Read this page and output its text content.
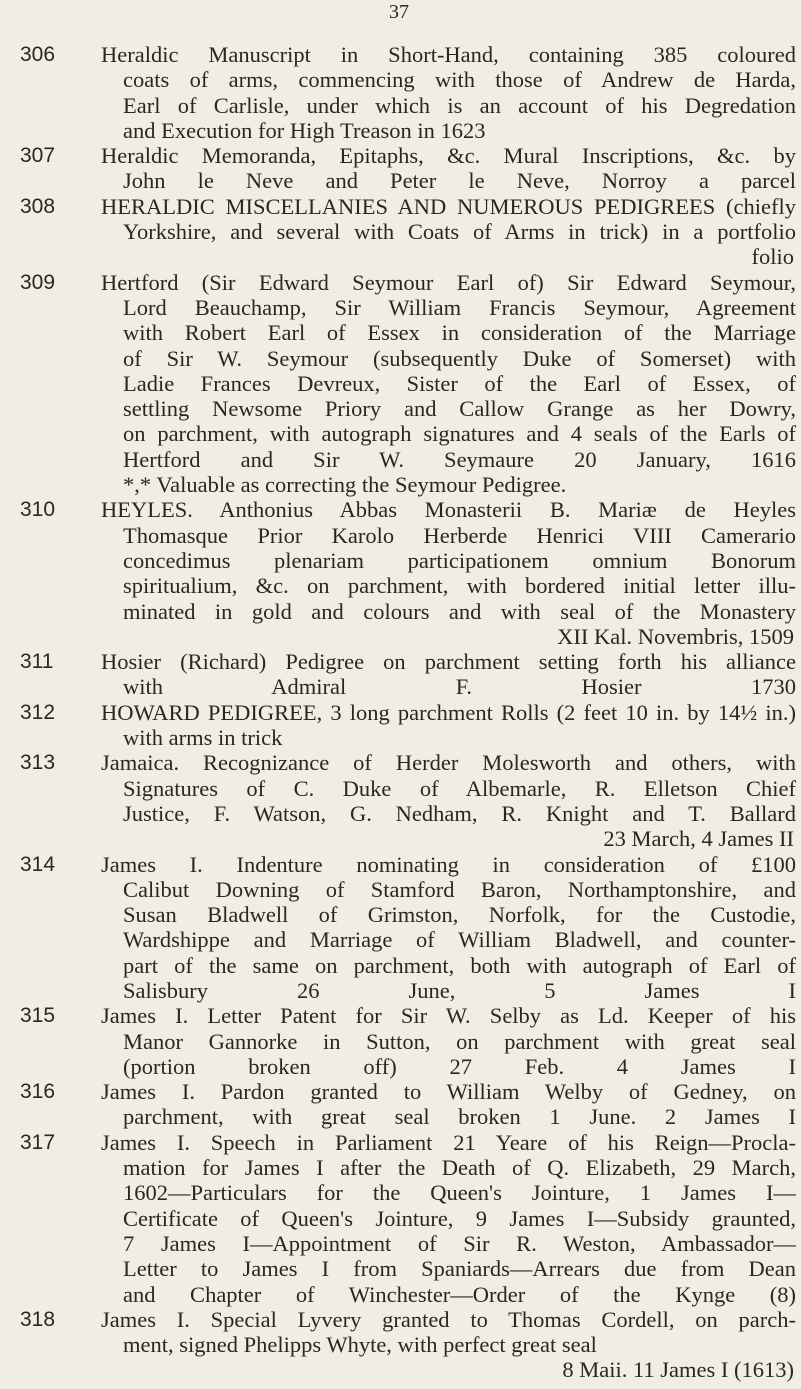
37
306	Heraldic Manuscript in Short-Hand, containing 385 coloured
coats of arms, commencing with those of Andrew de Harda,
Earl of Carlisle, under which is an account of his Degredation
and Execution for High Treason in 1623
307	Heraldic Memoranda, Epitaphs, &c. Mural Inscriptions, &c. by
John le Neve and Peter le Neve, Norroy a parcel
308	HERALDIC MISCELLANIES AND NUMEROUS PEDIGREES (chiefly
Yorkshire, and several with Coats of Arms in trick) in a portfolio
folio
309	Hertford (Sir Edward Seymour Earl of) Sir Edward Seymour,
Lord Beauchamp, Sir William Francis Seymour, Agreement
with Robert Earl of Essex in consideration of the Marriage
of Sir W. Seymour (subsequently Duke of Somerset) with
Ladie Frances Devreux, Sister of the Earl of Essex, of
settling Newsome Priory and Callow Grange as her Dowry,
on parchment, with autograph signatures and 4 seals of the Earls of
Hertford and Sir W. Seymaure 20 January, 1616
*,* Valuable as correcting the Seymour Pedigree.
310	HEYLES. Anthonius Abbas Monasterii B. Mariæ de Heyles
Thomasque Prior Karolo Herberde Henrici VIII Camerario
concedimus plenariam participationem omnium Bonorum
spiritualium, &c. on parchment, with bordered initial letter illu-
minated in gold and colours and with seal of the Monastery
XII Kal. Novembris, 1509
311	Hosier (Richard) Pedigree on parchment setting forth his alliance
with Admiral F. Hosier 1730
312	HOWARD PEDIGREE, 3 long parchment Rolls (2 feet 10 in. by 14½ in.)
with arms in trick
313	Jamaica. Recognizance of Herder Molesworth and others, with
Signatures of C. Duke of Albemarle, R. Elletson Chief
Justice, F. Watson, G. Nedham, R. Knight and T. Ballard
23 March, 4 James II
314	James I. Indenture nominating in consideration of £100
Calibut Downing of Stamford Baron, Northamptonshire, and
Susan Bladwell of Grimston, Norfolk, for the Custodie,
Wardshippe and Marriage of William Bladwell, and counter-
part of the same on parchment, both with autograph of Earl of
Salisbury 26 June, 5 James I
315	James I. Letter Patent for Sir W. Selby as Ld. Keeper of his
Manor Gannorke in Sutton, on parchment with great seal
(portion broken off) 27 Feb. 4 James I
316	James I. Pardon granted to William Welby of Gedney, on
parchment, with great seal broken 1 June. 2 James I
317	James I. Speech in Parliament 21 Yeare of his Reign—Procla-
mation for James I after the Death of Q. Elizabeth, 29 March,
1602—Particulars for the Queen's Jointure, 1 James I—
Certificate of Queen's Jointure, 9 James I—Subsidy graunted,
7 James I—Appointment of Sir R. Weston, Ambassador—
Letter to James I from Spaniards—Arrears due from Dean
and Chapter of Winchester—Order of the Kynge (8)
318	James I. Special Lyvery granted to Thomas Cordell, on parch-
ment, signed Phelipps Whyte, with perfect great seal
8 Maii. 11 James I (1613)
